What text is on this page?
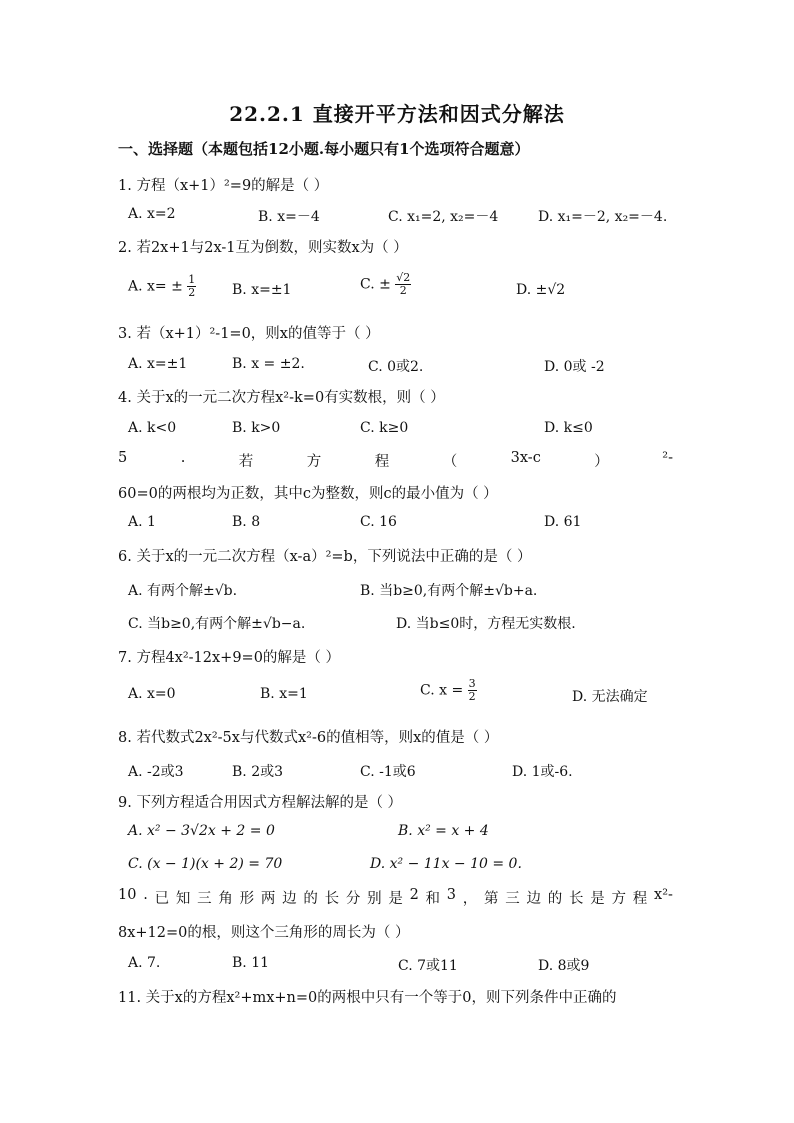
22.2.1 直接开平方法和因式分解法
一、选择题（本题包括12小题.每小题只有1个选项符合题意）
1. 方程（x+1）²=9的解是（ ）
A. x=2	B. x=－4	C. x₁=2, x₂=－4	D. x₁=－2, x₂=－4.
2. 若2x+1与2x-1互为倒数，则实数x为（ ）
A. $x= \pm \frac{1}{2}$	B. x=±1	C. ± $\frac{√2}{2}$	D. ±√2
3. 若（x+1）²-1=0，则x的值等于（ ）
A. x=±1	B. x = ±2.	C. 0或2.	D. 0或 -2
4. 关于x的一元二次方程x²-k=0有实数根，则（ ）
A. k<0	B. k>0	C. k≥0	D. k≤0
5	.	若	方	程	（	3x-c	）	²-
60=0的两根均为正数，其中c为整数，则c的最小值为（ ）
A. 1	B. 8	C. 16	D. 61
6. 关于x的一元二次方程（x-a）²=b，下列说法中正确的是（ ）
A. 有两个解±√b.	B. 当b≥0,有两个解±√b+a.
C. 当b≥0,有两个解±√b−a.	D. 当b≤0时，方程无实数根.
7. 方程4x²-12x+9=0的解是（ ）
A. x=0	B. x=1	C. $x = \frac{3}{2}$	D. 无法确定
8. 若代数式2x²-5x与代数式x²-6的值相等，则x的值是（ ）
A. -2或3	B. 2或3	C. -1或6	D. 1或-6.
9. 下列方程适合用因式方程解法解的是（ ）
A. x² − 3√2x + 2 = 0	B. x² = x + 4
C. (x − 1)(x + 2) = 70	D. x² − 11x − 10 = 0.
10 . 已 知 三 角 形 两 边 的 长 分 别 是 2 和 3 ， 第 三 边 的 长 是 方 程 x²-
8x+12=0的根，则这个三角形的周长为（ ）
A. 7.	B. 11	C. 7或11	D. 8或9
11. 关于x的方程x²+mx+n=0的两根中只有一个等于0，则下列条件中正确的
